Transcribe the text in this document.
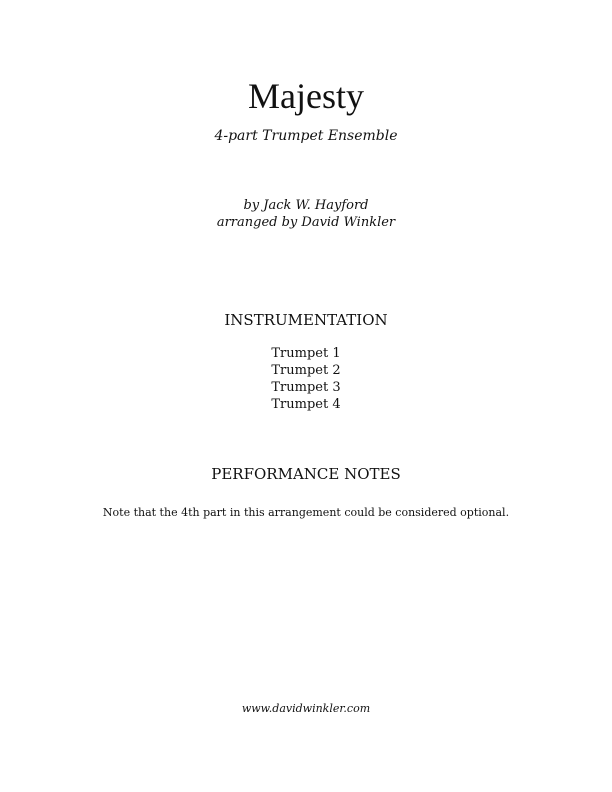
Majesty
4-part Trumpet Ensemble
by Jack W. Hayford
arranged by David Winkler
INSTRUMENTATION
Trumpet 1
Trumpet 2
Trumpet 3
Trumpet 4
PERFORMANCE NOTES
Note that the 4th part in this arrangement could be considered optional.
www.davidwinkler.com
